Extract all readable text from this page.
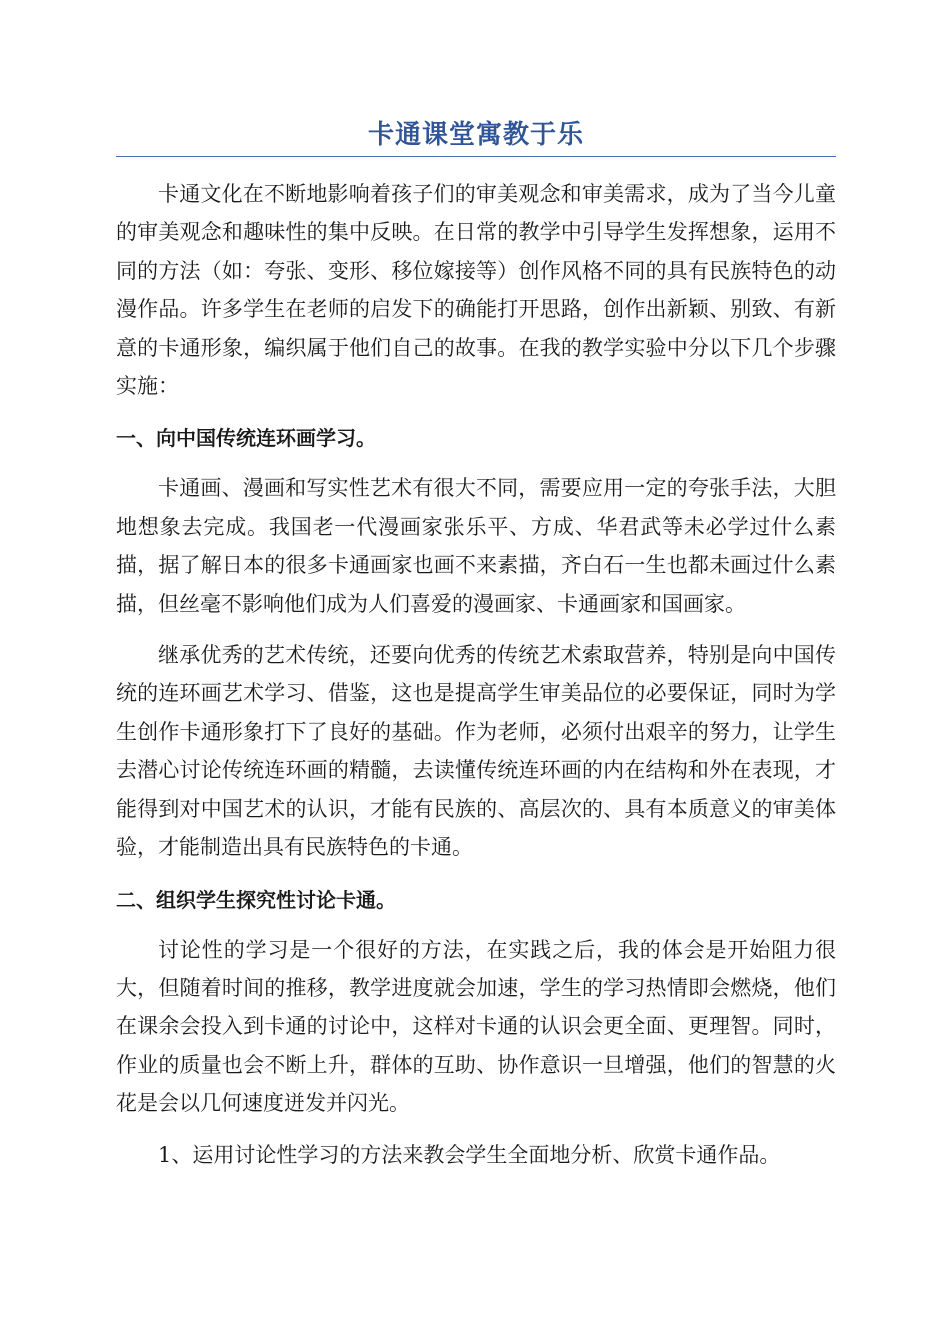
卡通课堂寓教于乐

卡通文化在不断地影响着孩子们的审美观念和审美需求，成为了当今儿童的审美观念和趣味性的集中反映。在日常的教学中引导学生发挥想象，运用不同的方法（如：夸张、变形、移位嫁接等）创作风格不同的具有民族特色的动漫作品。许多学生在老师的启发下的确能打开思路，创作出新颖、别致、有新意的卡通形象，编织属于他们自己的故事。在我的教学实验中分以下几个步骤实施：

一、向中国传统连环画学习。

卡通画、漫画和写实性艺术有很大不同，需要应用一定的夸张手法，大胆地想象去完成。我国老一代漫画家张乐平、方成、华君武等未必学过什么素描，据了解日本的很多卡通画家也画不来素描，齐白石一生也都未画过什么素描，但丝毫不影响他们成为人们喜爱的漫画家、卡通画家和国画家。

继承优秀的艺术传统，还要向优秀的传统艺术索取营养，特别是向中国传统的连环画艺术学习、借鉴，这也是提高学生审美品位的必要保证，同时为学生创作卡通形象打下了良好的基础。作为老师，必须付出艰辛的努力，让学生去潜心讨论传统连环画的精髓，去读懂传统连环画的内在结构和外在表现，才能得到对中国艺术的认识，才能有民族的、高层次的、具有本质意义的审美体验，才能制造出具有民族特色的卡通。

二、组织学生探究性讨论卡通。

讨论性的学习是一个很好的方法，在实践之后，我的体会是开始阻力很大，但随着时间的推移，教学进度就会加速，学生的学习热情即会燃烧，他们在课余会投入到卡通的讨论中，这样对卡通的认识会更全面、更理智。同时，作业的质量也会不断上升，群体的互助、协作意识一旦增强，他们的智慧的火花是会以几何速度迸发并闪光。

1、运用讨论性学习的方法来教会学生全面地分析、欣赏卡通作品。
